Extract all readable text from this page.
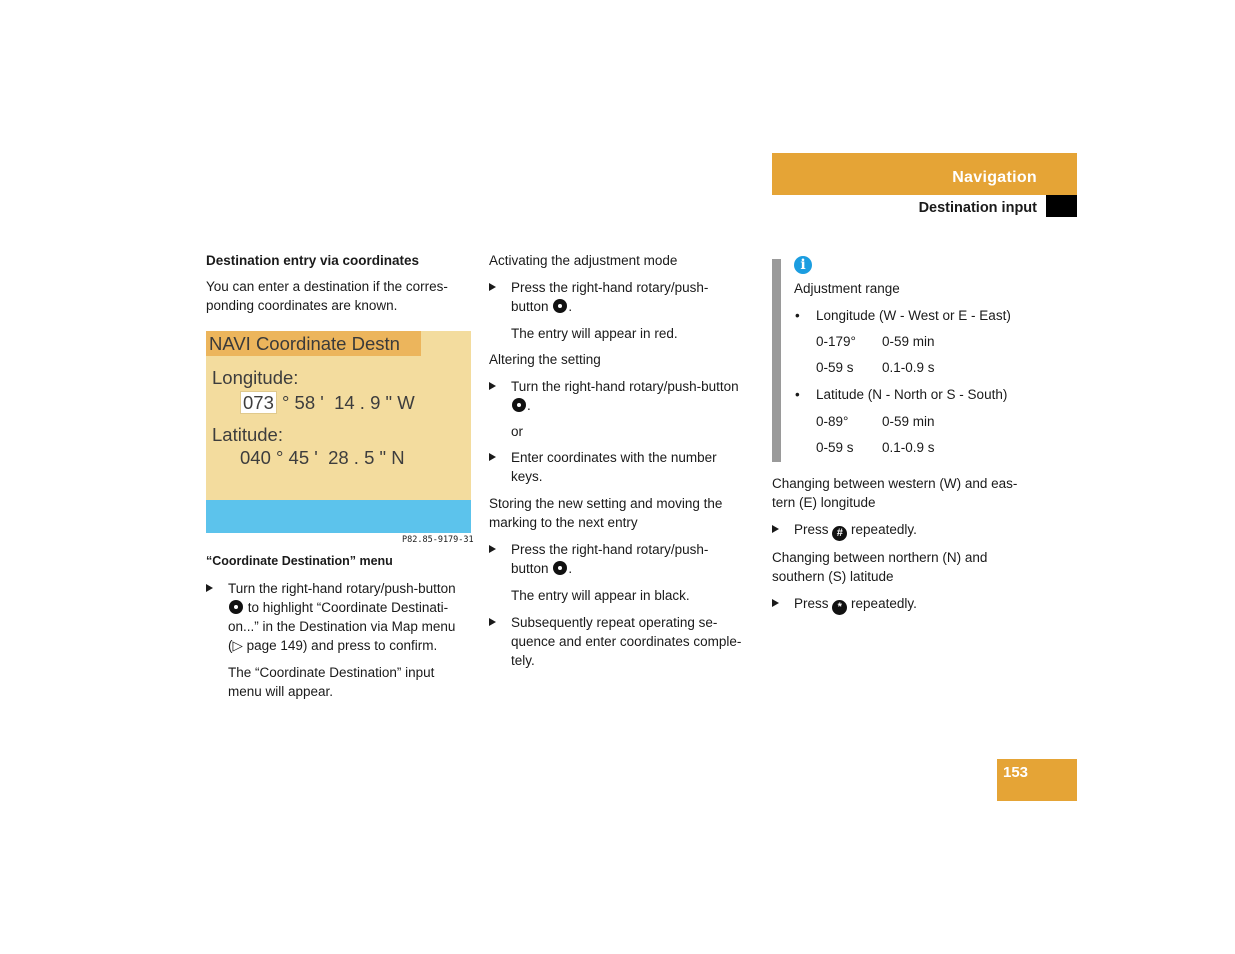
Navigation
Destination input

Destination entry via coordinates

You can enter a destination if the corres-
ponding coordinates are known.

NAVI Coordinate Destn
Longitude:
073 ° 58 '  14 . 9 " W
Latitude:
040 ° 45 '  28 . 5 " N
P82.85-9179-31

“Coordinate Destination” menu

Turn the right-hand rotary/push-button
to highlight “Coordinate Destinati-
on...” in the Destination via Map menu
(▷ page 149) and press to confirm.

The “Coordinate Destination” input
menu will appear.

Activating the adjustment mode

Press the right-hand rotary/push-
button .

The entry will appear in red.

Altering the setting

Turn the right-hand rotary/push-button
.

or

Enter coordinates with the number
keys.

Storing the new setting and moving the
marking to the next entry

Press the right-hand rotary/push-
button .

The entry will appear in black.

Subsequently repeat operating se-
quence and enter coordinates comple-
tely.
i

Adjustment range

• Longitude (W - West or E - East)
0-179°	0-59 min
0-59 s	0.1-0.9 s
• Latitude (N - North or S - South)
0-89°	0-59 min
0-59 s	0.1-0.9 s

Changing between western (W) and eas-
tern (E) longitude

Press # repeatedly.

Changing between northern (N) and
southern (S) latitude

Press * repeatedly.
153
